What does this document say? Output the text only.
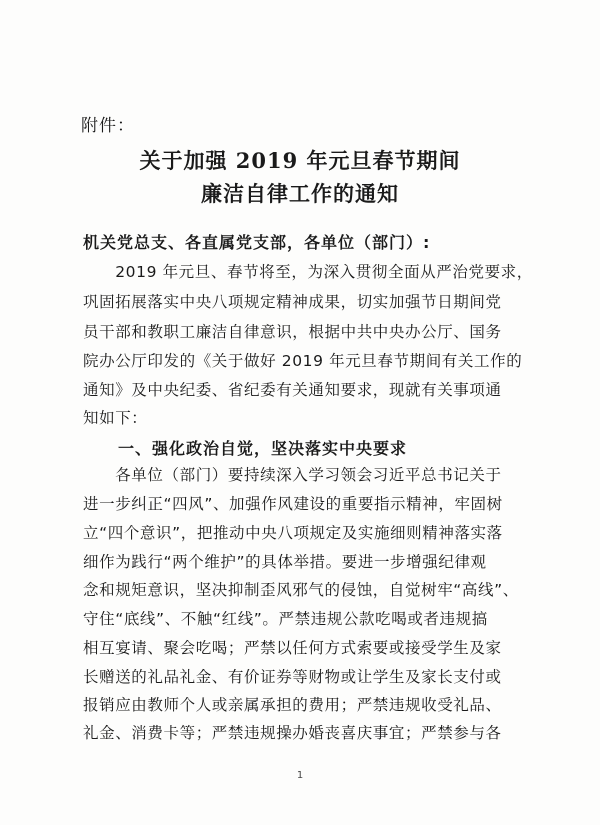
附件：
关于加强 2019 年元旦春节期间
廉洁自律工作的通知
机关党总支、各直属党支部，各单位（部门）:
　　2019 年元旦、春节将至，为深入贯彻全面从严治党要求，
巩固拓展落实中央八项规定精神成果，切实加强节日期间党
员干部和教职工廉洁自律意识，根据中共中央办公厅、国务
院办公厅印发的《关于做好 2019 年元旦春节期间有关工作的
通知》及中央纪委、省纪委有关通知要求，现就有关事项通
知如下：
一、强化政治自觉，坚决落实中央要求
　　各单位（部门）要持续深入学习领会习近平总书记关于
进一步纠正“四风”、加强作风建设的重要指示精神，牢固树
立“四个意识”，把推动中央八项规定及实施细则精神落实落
细作为践行“两个维护”的具体举措。要进一步增强纪律观
念和规矩意识，坚决抑制歪风邪气的侵蚀，自觉树牢“高线”、
守住“底线”、不触“红线”。严禁违规公款吃喝或者违规搞
相互宴请、聚会吃喝；严禁以任何方式索要或接受学生及家
长赠送的礼品礼金、有价证券等财物或让学生及家长支付或
报销应由教师个人或亲属承担的费用；严禁违规收受礼品、
礼金、消费卡等；严禁违规操办婚丧喜庆事宜；严禁参与各
1
